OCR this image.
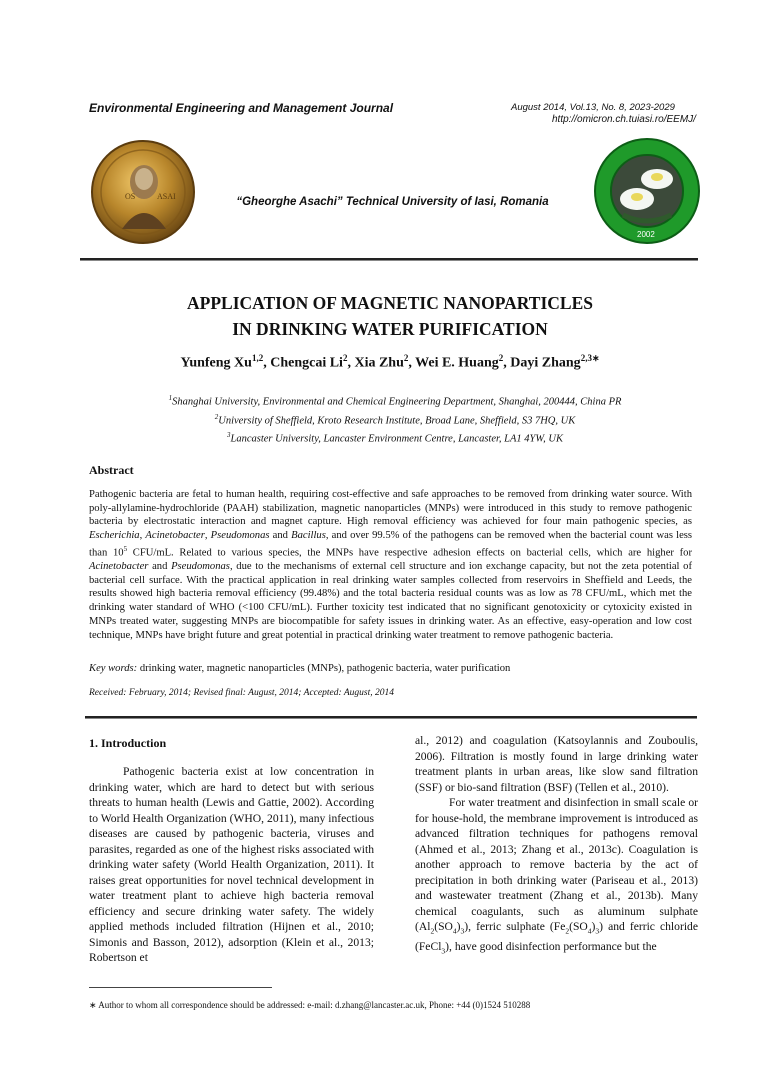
Environmental Engineering and Management Journal	August 2014, Vol.13, No. 8, 2023-2029
http://omicron.ch.tuiasi.ro/EEMJ/
OS	ASAI	“Gheorghe Asachi” Technical University of Iasi, Romania
2002
APPLICATION OF MAGNETIC NANOPARTICLES
IN DRINKING WATER PURIFICATION
Yunfeng Xu$^{1,2}$, Chengcai Li$^2$, Xia Zhu$^2$, Wei E. Huang$^2$, Dayi Zhang$^{2,3∗}$
$^1$Shanghai University, Environmental and Chemical Engineering Department, Shanghai, 200444, China PR
$^2$University of Sheffield, Kroto Research Institute, Broad Lane, Sheffield, S3 7HQ, UK
$^3$Lancaster University, Lancaster Environment Centre, Lancaster, LA1 4YW, UK
Abstract
Pathogenic bacteria are fetal to human health, requiring cost-effective and safe approaches to be removed from drinking water source. With poly-allylamine-hydrochloride (PAAH) stabilization, magnetic nanoparticles (MNPs) were introduced in this study to remove pathogenic bacteria by electrostatic interaction and magnet capture. High removal efficiency was achieved for four main pathogenic species, as Escherichia, Acinetobacter, Pseudomonas and Bacillus, and over 99.5% of the pathogens can be removed when the bacterial count was less than $10^5$ CFU/mL. Related to various species, the MNPs have respective adhesion effects on bacterial cells, which are higher for Acinetobacter and Pseudomonas, due to the mechanisms of external cell structure and ion exchange capacity, but not the zeta potential of bacterial cell surface. With the practical application in real drinking water samples collected from reservoirs in Sheffield and Leeds, the results showed high bacteria removal efficiency (99.48%) and the total bacteria residual counts was as low as 78 CFU/mL, which met the drinking water standard of WHO (<100 CFU/mL). Further toxicity test indicated that no significant genotoxicity or cytoxicity existed in MNPs treated water, suggesting MNPs are biocompatible for safety issues in drinking water. As an effective, easy-operation and low cost technique, MNPs have bright future and great potential in practical drinking water treatment to remove pathogenic bacteria.
Key words: drinking water, magnetic nanoparticles (MNPs), pathogenic bacteria, water purification
Received: February, 2014; Revised final: August, 2014; Accepted: August, 2014
1. Introduction

Pathogenic bacteria exist at low concentration in drinking water, which are hard to detect but with serious threats to human health (Lewis and Gattie, 2002). According to World Health Organization (WHO, 2011), many infectious diseases are caused by pathogenic bacteria, viruses and parasites, regarded as one of the highest risks associated with drinking water safety (World Health Organization, 2011). It raises great opportunities for novel technical development in water treatment plant to achieve high bacteria removal efficiency and secure drinking water safety. The widely applied methods included filtration (Hijnen et al., 2010; Simonis and Basson, 2012), adsorption (Klein et al., 2013; Robertson et

al., 2012) and coagulation (Katsoylannis and Zouboulis, 2006). Filtration is mostly found in large drinking water treatment plants in urban areas, like slow sand filtration (SSF) or bio-sand filtration (BSF) (Tellen et al., 2010).

For water treatment and disinfection in small scale or for house-hold, the membrane improvement is introduced as advanced filtration techniques for pathogens removal (Ahmed et al., 2013; Zhang et al., 2013c). Coagulation is another approach to remove bacteria by the act of precipitation in both drinking water (Pariseau et al., 2013) and wastewater treatment (Zhang et al., 2013b). Many chemical coagulants, such as aluminum sulphate $(Al_2(SO_4)_3)$, ferric sulphate $(Fe_2(SO_4)_3)$ and ferric chloride (FeCl$_3$), have good disinfection performance but the

∗ Author to whom all correspondence should be addressed: e-mail: d.zhang@lancaster.ac.uk, Phone: +44 (0)1524 510288
